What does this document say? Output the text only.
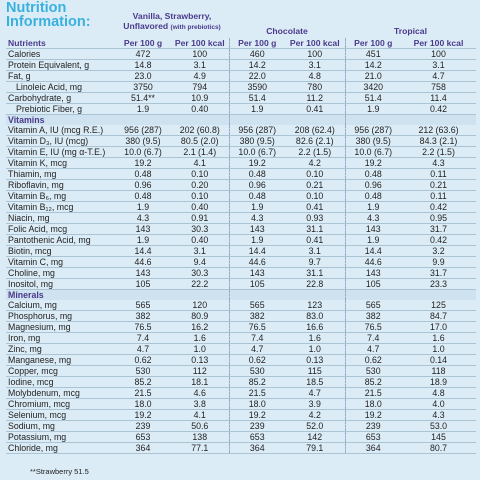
Nutrition
Information:	Vanilla, Strawberry,
Unflavored (with prebiotics)	Chocolate	Tropical
Nutrients	Per 100 g	Per 100 kcal	Per 100 g	Per 100 kcal	Per 100 g	Per 100 kcal
Calories	472	100	460	100	451	100
Protein Equivalent, g	14.8	3.1	14.2	3.1	14.2	3.1
Fat, g	23.0	4.9	22.0	4.8	21.0	4.7
Linoleic Acid, mg	3750	794	3590	780	3420	758
Carbohydrate, g	51.4**	10.9	51.4	11.2	51.4	11.4
Prebiotic Fiber, g	1.9	0.40	1.9	0.41	1.9	0.42
Vitamins						
Vitamin A, IU (mcg R.E.)	956 (287)	202 (60.8)	956 (287)	208 (62.4)	956 (287)	212 (63.6)
Vitamin D₃, IU (mcg)	380 (9.5)	80.5 (2.0)	380 (9.5)	82.6 (2.1)	380 (9.5)	84.3 (2.1)
Vitamin E, IU (mg α-T.E.)	10.0 (6.7)	2.1 (1.4)	10.0 (6.7)	2.2 (1.5)	10.0 (6.7)	2.2 (1.5)
Vitamin K, mcg	19.2	4.1	19.2	4.2	19.2	4.3
Thiamin, mg	0.48	0.10	0.48	0.10	0.48	0.11
Riboflavin, mg	0.96	0.20	0.96	0.21	0.96	0.21
Vitamin B₆, mg	0.48	0.10	0.48	0.10	0.48	0.11
Vitamin B₁₂, mcg	1.9	0.40	1.9	0.41	1.9	0.42
Niacin, mg	4.3	0.91	4.3	0.93	4.3	0.95
Folic Acid, mcg	143	30.3	143	31.1	143	31.7
Pantothenic Acid, mg	1.9	0.40	1.9	0.41	1.9	0.42
Biotin, mcg	14.4	3.1	14.4	3.1	14.4	3.2
Vitamin C, mg	44.6	9.4	44.6	9.7	44.6	9.9
Choline, mg	143	30.3	143	31.1	143	31.7
Inositol, mg	105	22.2	105	22.8	105	23.3
Minerals						
Calcium, mg	565	120	565	123	565	125
Phosphorus, mg	382	80.9	382	83.0	382	84.7
Magnesium, mg	76.5	16.2	76.5	16.6	76.5	17.0
Iron, mg	7.4	1.6	7.4	1.6	7.4	1.6
Zinc, mg	4.7	1.0	4.7	1.0	4.7	1.0
Manganese, mg	0.62	0.13	0.62	0.13	0.62	0.14
Copper, mcg	530	112	530	115	530	118
Iodine, mcg	85.2	18.1	85.2	18.5	85.2	18.9
Molybdenum, mcg	21.5	4.6	21.5	4.7	21.5	4.8
Chromium, mcg	18.0	3.8	18.0	3.9	18.0	4.0
Selenium, mcg	19.2	4.1	19.2	4.2	19.2	4.3
Sodium, mg	239	50.6	239	52.0	239	53.0
Potassium, mg	653	138	653	142	653	145
Chloride, mg	364	77.1	364	79.1	364	80.7
**Strawberry 51.5
